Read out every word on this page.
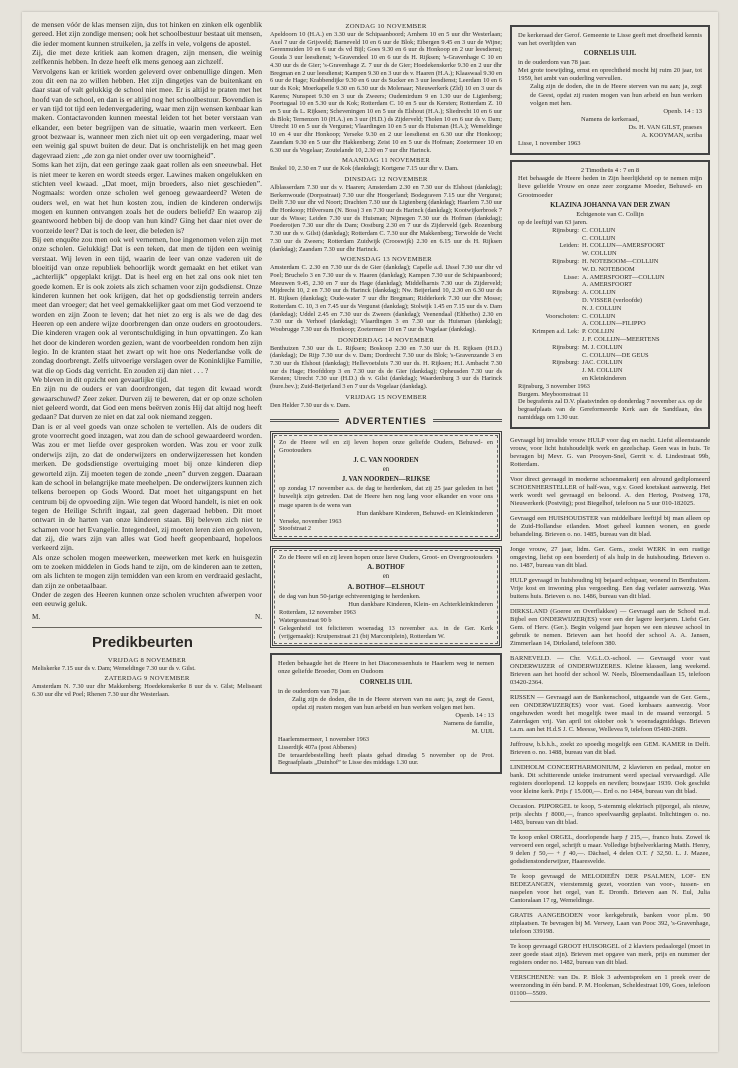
de mensen vóór de klas mensen zijn, dus tot hinken en zinken elk ogenblik gereed. Het zijn zondige mensen; ook het schoolbestuur bestaat uit mensen, die ieder moment kunnen struikelen, ja zelfs in vele, volgens de apostel.

Zij, die met deze kritiek aan komen dragen, zijn mensen, die weinig zelfkennis hebben. In deze heeft elk mens genoeg aan zichzelf.

Vervolgens kan er kritiek worden geleverd over onbenullige dingen. Men zou dit een na zo willen hebben. Het zijn dingetjes van de buitenkant en daar staat of valt gelukkig de school niet mee. Er is altijd te praten met het hoofd van de school, en dan is er altijd nog het schoolbestuur. Bovendien is er van tijd tot tijd een ledenvergadering, waar men zijn wensen kenbaar kan maken. Contactavonden kunnen meestal leiden tot het beter verstaan van elkander, een beter begrijpen van de situatie, waarin men verkeert. Een groot bezwaar is, wanneer men zich niet uit op een vergadering, maar wel een weinig gal spuwt buiten de deur. Dat is onchristelijk en het mag geen dagevraad zien: „de zon ga niet onder over uw toornigheid”.

Soms kan het zijn, dat een geringe zaak gaat rollen als een sneeuwbal. Het is niet meer te keren en wordt steeds erger. Lawines maken ongelukken en stichten veel kwaad. „Dat moet, mijn broeders, also niet geschieden”. Nogmaals: worden onze scholen wel genoeg gewaardeerd? Weten de ouders wel, en wat het hun kosten zou, indien de kinderen onderwijs mogen en kunnen ontvangen zoals het de ouders beliefd? En waarop zij geantwoord hebben bij de doop van hun kind? Ging het daar niet over de voorzeide leer? Dat is toch de leer, die beleden is?

Bij een enquête zou men ook wel vernemen, hoe ingenomen velen zijn met onze scholen. Gelukkig! Dat is een teken, dat men de tijden een weinig verstaat. Wij leven in een tijd, waarin de leer van onze vaderen uit de bloeitijd van onze republiek behoorlijk wordt gemaakt en het etiket van „achterlijk” opgeplakt krijgt. Dat is heel erg en het zal ons ook niet ten goede komen. Er is ook zoiets als zich schamen voor zijn godsdienst. Onze kinderen kunnen het ook krijgen, dat het op godsdienstig terrein anders meet dan vroeger; dat het veel gemakkelijker gaat om met God verzoend te worden en zijn Zoon te leven; dat het niet zo erg is als we de dag des Heeren op een andere wijze doorbrengen dan onze ouders en grootouders. Die kinderen vragen ook al verontschuldiging in hun opvattingen. Zo kan het door de kinderen worden gezien, want de voorbeelden rondom hen zijn legio. In de kranten staat het zwart op wit hoe ons Nederlandse volk de zondag doorbrengt. Zelfs uitvoerige verslagen over de Koninklijke Familie, wat die op Gods dag verricht. En zouden zij dan niet . . . ?

We bleven in dit opzicht een gevaarlijke tijd.

En zijn nu de ouders er van doordrongen, dat tegen dit kwaad wordt gewaarschuwd? Zeer zeker. Durven zij te beweren, dat er op onze scholen niet geleerd wordt, dat God een mens beërven zonis Hij dat altijd nog heeft gedaan? Dat durven ze niet en dat zal ook niemand zeggen.

Dan is er al veel goeds van onze scholen te vertellen. Als de ouders dit grote voorrecht goed inzagen, wat zou dan de school gewaardeerd worden. Was zou er met liefde over gesproken worden. Was zou er voor zulk onderwijs zijn, zo dat de onderwijzers en onderwijzeressen het konden merken. De godsdienstige overtuiging moet bij onze kinderen diep geworteld zijn. Zij moeten tegen de zonde „neen” durven zeggen. Daaraan kan de school in belangrijke mate meehelpen. De onderwijzers kunnen zich telkens beroepen op Gods Woord. Dat moet het uitgangspunt en het centrum bij de opvoeding zijn. Wie tegen dat Woord handelt, is niet en ook tegen de Heilige Schrift ingaat, zal geen dageraad hebben. Dit moet ontwart in de harten van onze kinderen staan. Bij beleven zich niet te schamen voor het Evangelie. Integendeel, zij moeten leren zien en geloven, dat zij, die wars zijn van alles wat God heeft geopenbaard, hopeloos verkeerd zijn.

Als onze scholen mogen meewerken, meewerken met kerk en huisgezin om te zoeken middelen in Gods hand te zijn, om de kinderen aan te zetten, om als lichten te mogen zijn temidden van een krom en verdraaid geslacht, dan zijn ze onbetaalbaar.

Onder de zegen des Heeren kunnen onze scholen vruchten afwerpen voor een eeuwig geluk.

M.	N.
Predikbeurten
VRIJDAG 8 NOVEMBER

Meliskerke 7.15 uur ds v. Dam; Wemeldinge 7.30 uur ds v. Gilst.

ZATERDAG 9 NOVEMBER

Amsterdam N. 7.30 uur dhr Makkenberg; Hoedekenskerke 8 uur ds v. Gilst; Meliseant 6.30 uur dhr vd Poel; Rhenen 7.30 uur dhr Westerlaan.

ZONDAG 10 NOVEMBER

Apeldoorn 10 (H.A.) en 3.30 uur de Schipaanboord; Arnhem 10 en 5 uur dhr Westerlaan; Axel 7 uur de Grijsveld; Barneveld 10 en 6 uur de Blok; Eibergen 9.45 en 3 uur de Wijne; Gerenmuiden 10 en 6 uur ds vd Bijl; Goes 9.30 en 6 uur ds Honkoop en 2 uur leesdienst; Gouda 3 uur leesdienst; 's-Gravendeel 10 en 6 uur ds H. Rijksen; 's-Gravenhage C 10 en 4.30 uur ds de Gier; 's-Gravenhage Z. 7 uur ds de Gier; Hoedekenskerke 9.30 en 2 uur dhr Bregman en 2 uur leesdienst; Kampen 9.30 en 3 uur ds v. Haaren (H.A.); Klaaswaal 9.30 en 6 uur de Hage; Krabbendijke 9.30 en 6 uur ds Sucker en 3 uur leesdienst; Leerdam 10 en 6 uur ds Kok; Moerkapelle 9.30 en 6.30 uur ds Molenaar; Nieuwerkerk (Zld) 10 en 3 uur ds Karens; Nunspeet 9.30 en 3 uur ds Zweers; Oudemirdum 9 en 1.30 uur de Ligtenberg; Poortugaal 10 en 5.30 uur ds Kok; Rotterdam C. 10 en 5 uur ds Kersten; Rotterdam Z. 10 en 5 uur ds L. Rijksen; Scheveningen 10 en 5 uur ds Elshout (H.A.); Sliedrecht 10 en 6 uur ds Blok; Ternenzen 10 (H.A.) en 3 uur (H.D.) ds Zijderveld; Tholen 10 en 6 uur ds v. Dam; Utrecht 10 en 5 uur ds Vergunst; Vlaardingen 10 en 5 uur ds Huisman (H.A.); Wemeldinge 10 en 4 uur dhr Honkoop; Yerseke 9.30 en 2 uur leesdienst en 6.30 uur dhr Honkoop; Zaandam 9.30 en 5 uur dhr Hakkenberg; Zeist 10 en 5 uur ds Hofman; Zoetermeer 10 en 6.30 uur ds Vogelaar; Zoutelande 10, 2.30 en 7 uur dhr Harinck.

MAANDAG 11 NOVEMBER

Brakel 10, 2.30 en 7 uur de Kok (dankdag); Kortgene 7.15 uur dhr v. Dam.

DINSDAG 12 NOVEMBER

Alblasserdam 7.30 uur ds v. Haaren; Amsterdam 2.30 en 7.30 uur ds Elshout (dankdag); Berkenwoude (Dorpsstraat) 7.30 uur dhr Hoogerland; Bodegraven 7.15 uur dhr Vergunst; Delft 7.30 uur dhr vd Noort; Drachten 7.30 uur ds Ligtenberg (dankdag); Haarlem 7.30 uur dhr Honkoop; Hilversum (N. Boss) 3 en 7.30 uur ds Harinck (dankdag); Kootwijkerbroek 7 uur ds Wisse; Leiden 7.30 uur ds Huisman; Nijmegen 7.30 uur ds Hofman (dankdag); Poederoijen 7.30 uur dhr ds Dam; Oostburg 2.30 en 7 uur ds Zijderveld (geb. Rozenburg 7.30 uur ds v. Gilst) (dankdag); Rotterdam C. 7.30 uur dhr Makkenberg; Terwolde de Vecht 7.30 uur ds Zweers; Rotterdam Zuidwijk (Crooswijk) 2.30 en 6.15 uur ds H. Rijksen (dankdag); Zaandam 7.30 uur dhr Harinck.

WOENSDAG 13 NOVEMBER

Amsterdam C. 2.30 en 7.30 uur ds de Gier (dankdag); Capelle a.d. IJssel 7.30 uur dhr vd Poel; Bruchelo 3 en 7.30 uur ds v. Haaren (dankdag); Kampen 7.30 uur de Schipaanboord; Meeuwen 9.45, 2.30 en 7 uur ds Hage (dankdag); Middelharnis 7.30 uur ds Zijderveld; Mijdrecht 10, 2 en 7.30 uur ds Harinck (dankdag); Nw. Beijerland 10, 2.30 en 6.30 uur ds H. Rijksen (dankdag); Oude-water 7 uur dhr Bregman; Ridderkerk 7.30 uur dhr Mosse; Rotterdam C. 10, 3 en 7.45 uur ds Vergunst (dankdag); Stolwijk 1.45 en 7.15 uur ds v. Dam (dankdag); Uddel 2.45 en 7.30 uur ds Zweers (dankdag); Veenendaal (Elthetho) 2.30 en 7.30 uur ds Verhoef (dankdag); Vlaardingen 3 en 7.30 uur ds Huisman (dankdag); Woubrugge 7.30 uur ds Honkoop; Zoetermeer 10 en 7 uur ds Vogelaar (dankdag).

DONDERDAG 14 NOVEMBER

Benthuizen 7.30 uur ds L. Rijksen; Boskoop 2.30 en 7.30 uur ds H. Rijksen (H.D.) (dankdag); De Rijp 7.30 uur ds v. Dam; Dordrecht 7.30 uur ds Blok; 's-Gravenzande 3 en 7.30 uur ds Elshout (dankdag); Hellevoetsluis 7.30 uur ds. H. Rijksen; H.I. Ambacht 7.30 uur ds Hage; Hoofddorp 3 en 7.30 uur ds de Gier (dankdag); Opheusden 7.30 uur ds Kersten; Utrecht 7.30 uur (H.D.) ds v. Gilst (dankdag); Waardenburg 3 uur ds Harinck (bure.bev.); Zuid-Beijerland 3 en 7 uur ds Vogelaar (dankdag).

VRIJDAG 15 NOVEMBER

Den Helder 7.30 uur ds v. Dam.

ADVERTENTIES

Zo de Heere wil en zij leven hopen onze geliefde Ouders, Behuwd- en Grootouders

J. C. VAN NOORDEN
en
J. VAN NOORDEN—RIJKSE

op zondag 17 november a.s. de dag te herdenken, dat zij 25 jaar geleden in het huwelijk zijn getreden. Dat de Heere hen nog lang voor elkander en voor ons mage sparen is de wens van

Hun dankbare Kinderen, Behuwd- en Kleinkinderen

Yerseke, november 1963

Stoofstraat 2

Zo de Heere wil en zij leven hopen onze lieve Ouders, Groot- en Overgrootouders

A. BOTHOF
en
A. BOTHOF—ELSHOUT

de dag van hun 50-jarige echtvereniging te herdenken.

Hun dankbare Kinderen, Klein- en Achterkleinkinderen

Rotterdam, 12 november 1963

Watergeusstraat 90 b

Gelegenheid tot feliciteren woensdag 13 november a.s. in de Ger. Kerk (vrijgemaakt): Kruipenstraat 21 (bij Marconiplein), Rotterdam W.

Heden behaagde het de Heere in het Diaconessenhuis te Haarlem weg te nemen onze geliefde Broeder, Oom en Oudoom

CORNELIS UIJL

in de ouderdom van 78 jaar.

Zalig zijn de doden, die in de Heere sterven van nu aan; ja, zegt de Geest, opdat zij rusten mogen van hun arbeid en hun werken volgen met hen.

Openb. 14 : 13

Namens de familie,

M. UIJL

Haarlemmermeer, 1 november 1963

Lisserdijk 407a (post Abbenes)

De teraardebestelling heeft plaats gehad dinsdag 5 november op de Prot. Begraafplaats „Duinhof” te Lisse des middags 1.30 uur.

De kerkeraad der Gerof. Gemeente te Lisse geeft met droefheid kennis van het overlijden van

CORNELIS UIJL

in de ouderdom van 78 jaar.

Met grote toewijding, ernst en oprechtheid mocht hij ruim 20 jaar, tot 1959, het ambt van ouderling vervullen.

Zalig zijn de doden, die in de Heere sterven van nu aan; ja, zegt de Geest, opdat zij rusten mogen van hun arbeid en hun werken volgen met hen.

Openb. 14 : 13

Namens de kerkeraad,

Ds. H. VAN GILST, praeses

A. KOOYMAN, scriba

Lisse, 1 november 1963

2 Timotheüs 4 : 7 en 8

Het behaagde de Heere heden in Zijn heerlijkheid op te nemen mijn lieve geliefde Vrouw en onze zeer zorgzame Moeder, Behuwd- en Grootmoeder

KLAZINA JOHANNA VAN DER ZWAN

Echtgenote van C. Collijn

op de leeftijd van 63 jaren.

Rijnsburg: C. COLLIJN
C. COLLIJN
Leiden: H. COLLIJN—AMERSFOORT
W. COLLIJN
Rijnsburg: H. NOTEBOOM—COLLIJN
W. D. NOTEBOOM
Lisse: A. AMERSFOORT—COLLIJN
A. AMERSFOORT
Rijnsburg: A. COLLIJN
D. VISSER (verloofde)
N. J. COLLIJN
Voorschoten: C. COLLIJN
A. COLLIJN—FILIPPO
Krimpen a.d. Lek: P. COLLIJN
J. F. COLLIJN—MEERTENS
Rijnsburg: M. J. COLLIJN
C. COLLIJN—DE GEUS
Rijnsburg: JAC. COLLIJN
J. M. COLLIJN
en Kleinkinderen

Rijnsburg, 3 november 1963

Burgem. Meyboomstraat 11

De begrafenis zal D.V. plaatsvinden op donderdag 7 november a.s. op de begraafplaats van de Gereformeerde Kerk aan de Sandtlaan, des namiddags om 1.30 uur.

Gevraagd bij invalide vrouw HULP voor dag en nacht. Liefst alleenstaande vrouw, voor licht huishoudelijk werk en gezelschap. Geen was in huis. Te bevragen bij Mevr. G. van Prooyen-Snel, Gerrit v. d. Lindestraat 99b, Rotterdam.

Voor direct gevraagd in moderne schoenmakerij een alround gediplomeerd SCHOENHERSTELLER of half-was, v.g.v. Goed koetskast aanwezig. Het werk wordt wel gevraagd en beloond. A. den Hertog, Postweg 178, Nieuwerkerk (Postviig); post Biegelhof, telefoon na 5 uur 010-182025.

Gevraagd een HUISHOUDSTER van middelbare leeftijd bij man alleen op de Zuid-Hollandse eilanden. Moet geheel kunnen wonen, en goede behandeling. Brieven o. no. 1485, bureau van dit blad.

Jonge vrouw, 27 jaar, lidm. Ger. Gem., zoekt WERK in een rustige omgeving, liefst op een boerderij of als hulp in de huishouding. Brieven o. no. 1487, bureau van dit blad.

HULP gevraagd in huishouding bij bejaard echtpaar, wonend in Benthuizen. Vrije kost en inwoning plus vergoeding. Een dag verlater aanwezig. Was buitens huis. Brieven o. no. 1486, bureau van dit blad.

DIRKSLAND (Goeree en Overflakkee) — Gevraagd aan de School m.d. Bijbel een ONDERWIJZER(ES) voor een der lagere leerjaren. Liefst Ger. Gem. of Herv. (Ger.). Begin volgend jaar hopen we een nieuwe school in gebruik te nemen. Brieven aan het hoofd der school A. A. Jansen, Zimmerlaan 14, Dirksland, telefoon 380.

BARNEVELD. — Chr. V.G.L.O.-school. — Gevraagd voor vast ONDERWIJZER of ONDERWIJZERES. Kleine klassen, lang weekend. Brieven aan het hoofd der school W. Neels, Bloemendaallaan 15, telefoon 03420-2364.

RIJSSEN — Gevraagd aan de Bankenschool, uitgaande van de Ger. Gem., een ONDERWIJZER(ES) voor vast. Goed kenbaars aanwezig. Voor ongehuwden wordt het mogelijk twee maal in de maand verzorgd. 5 Zaterdagen vrij. Van april tot oktober ook 's woensdagmiddags. Brieven t.a.m. aan het H.d.S J. C. Meesse, Wellevea 9, telefoon 05480-2689.

Juffrouw, b.b.h.h., zoekt zo spoedig mogelijk een GEM. KAMER in Delft. Brieven o. no. 1488, bureau van dit blad.

LINDHOLM CONCERTHARMONIUM, 2 klavieren en pedaal, motor en bank. Dit schitterende unieke instrument werd speciaal vervaardigd. Alle registers doorlopend. 12 koppels en nevilen; bouwjaar 1939. Ook geschikt voor kleine kerk. Prijs ƒ 15.000,—. Erd o. no 1484, bureau van dit blad.

Occasion. PIJPORGEL te koop, 5-stemmig elektrisch pijporgel, als nieuw, prijs slechts ƒ 8000,—, franco speelvaardig geplaatst. Inlichtingen o. no. 1483, bureau van dit blad.

Te koop enkel ORGEL, doorlopende harp ƒ 215,—, franco huis. Zowel ik vervoerd een orgel, schrijft u maar. Volledige bijbelverklaring Matth. Henry, 9 delen ƒ 50,— + ƒ 40,—. Dächsel, 4 delen O.T. ƒ 32,50. L. J. Mazee, godsdienstonderwijzer, Haaresvelde.

Te koop gevraagd de MELODIEËN DER PSALMEN, LOF- EN BEDEZANGEN, vierstemmig gezet, voorzien van voor-, tussen- en naspelen voor het orgel, van E. Dronth. Brieven aan N. Eul, Julia Cantoralaan 17 rg, Wemeldinge.

GRATIS AANGEBODEN voor kerkgebruik, banken voor pl.m. 90 zitplaatsen. Te bevragen bij M. Verwey, Laan van Pooc 392, 's-Gravenhage, telefoon 339198.

Te koop gevraagd GROOT HUISORGEL of 2 klaviers pedaalorgel (moet in zeer goede staat zijn). Brieven met opgave van merk, prijs en nummer der registers onder no. 1482, bureau van dit blad.

VERSCHENEN: van Ds. P. Blok 3 adventspreken en 1 preek over de weerzonding in één band. P. M. Hookman, Scheldestraat 109, Goes, telefoon 01100—5509.
